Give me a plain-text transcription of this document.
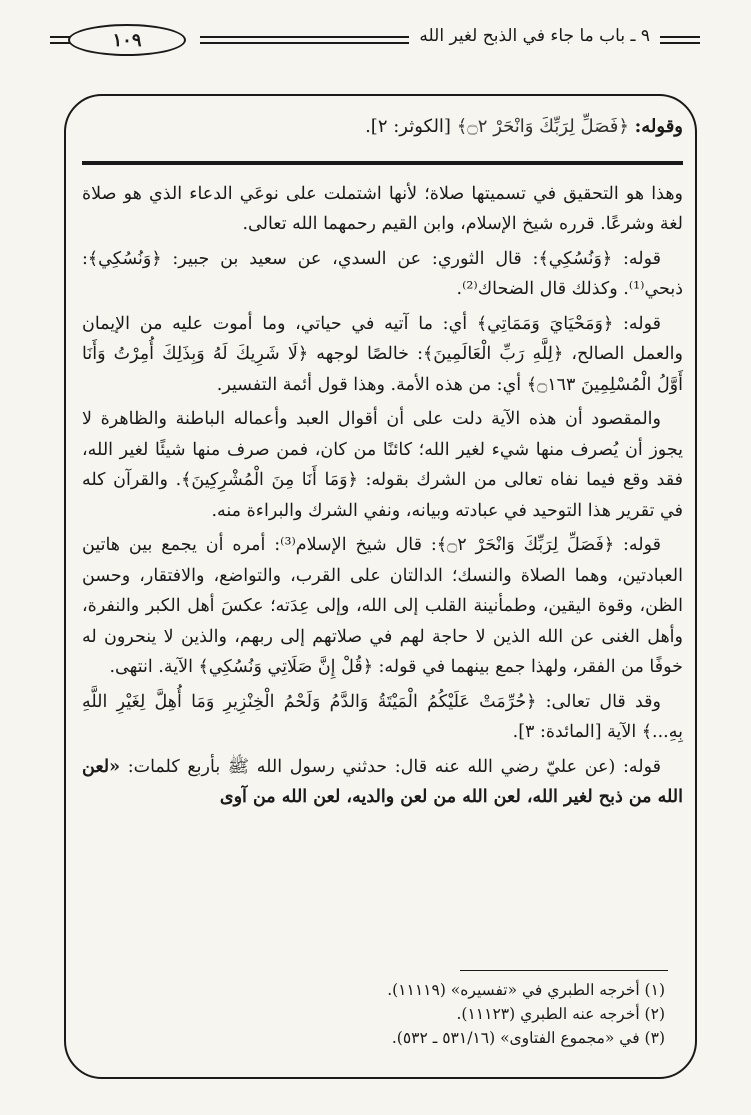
١٠٩	٩ ـ باب ما جاء في الذبح لغير الله

وقوله: ﴿فَصَلِّ لِرَبِّكَ وَانْحَرْ ۝٢﴾ [الكوثر: ٢].

وهذا هو التحقيق في تسميتها صلاة؛ لأنها اشتملت على نوعَي الدعاء الذي هو صلاة لغة وشرعًا. قرره شيخ الإسلام، وابن القيم رحمهما الله تعالى.

قوله: ﴿وَنُسُكِي﴾: قال الثوري: عن السدي، عن سعيد بن جبير: ﴿وَنُسُكِي﴾: ذبحي⁽¹⁾. وكذلك قال الضحاك⁽²⁾.

قوله: ﴿وَمَحْيَايَ وَمَمَاتِي﴾ أي: ما آتيه في حياتي، وما أموت عليه من الإيمان والعمل الصالح، ﴿لِلَّهِ رَبِّ الْعَالَمِينَ﴾: خالصًا لوجهه ﴿لَا شَرِيكَ لَهُ وَبِذَلِكَ أُمِرْتُ وَأَنَا أَوَّلُ الْمُسْلِمِينَ ۝١٦٣﴾ أي: من هذه الأمة. وهذا قول أئمة التفسير.

والمقصود أن هذه الآية دلت على أن أقوال العبد وأعماله الباطنة والظاهرة لا يجوز أن يُصرف منها شيء لغير الله؛ كائنًا من كان، فمن صرف منها شيئًا لغير الله، فقد وقع فيما نفاه تعالى من الشرك بقوله: ﴿وَمَا أَنَا مِنَ الْمُشْرِكِينَ﴾. والقرآن كله في تقرير هذا التوحيد في عبادته وبيانه، ونفي الشرك والبراءة منه.

قوله: ﴿فَصَلِّ لِرَبِّكَ وَانْحَرْ ۝٢﴾: قال شيخ الإسلام⁽³⁾: أمره أن يجمع بين هاتين العبادتين، وهما الصلاة والنسك؛ الدالتان على القرب، والتواضع، والافتقار، وحسن الظن، وقوة اليقين، وطمأنينة القلب إلى الله، وإلى عِدَته؛ عكسَ أهل الكبر والنفرة، وأهل الغنى عن الله الذين لا حاجة لهم في صلاتهم إلى ربهم، والذين لا ينحرون له خوفًا من الفقر، ولهذا جمع بينهما في قوله: ﴿قُلْ إِنَّ صَلَاتِي وَنُسُكِي﴾ الآية. انتهى.

وقد قال تعالى: ﴿حُرِّمَتْ عَلَيْكُمُ الْمَيْتَةُ وَالدَّمُ وَلَحْمُ الْخِنْزِيرِ وَمَا أُهِلَّ لِغَيْرِ اللَّهِ بِهِ...﴾ الآية [المائدة: ٣].

قوله: (عن عليّ رضي الله عنه قال: حدثني رسول الله ﷺ بأربع كلمات: «لعن الله من ذبح لغير الله، لعن الله من لعن والديه، لعن الله من آوى

(١) أخرجه الطبري في «تفسيره» (١١١١٩).

(٢) أخرجه عنه الطبري (١١١٢٣).

(٣) في «مجموع الفتاوى» (٥٣١/١٦ ـ ٥٣٢).
